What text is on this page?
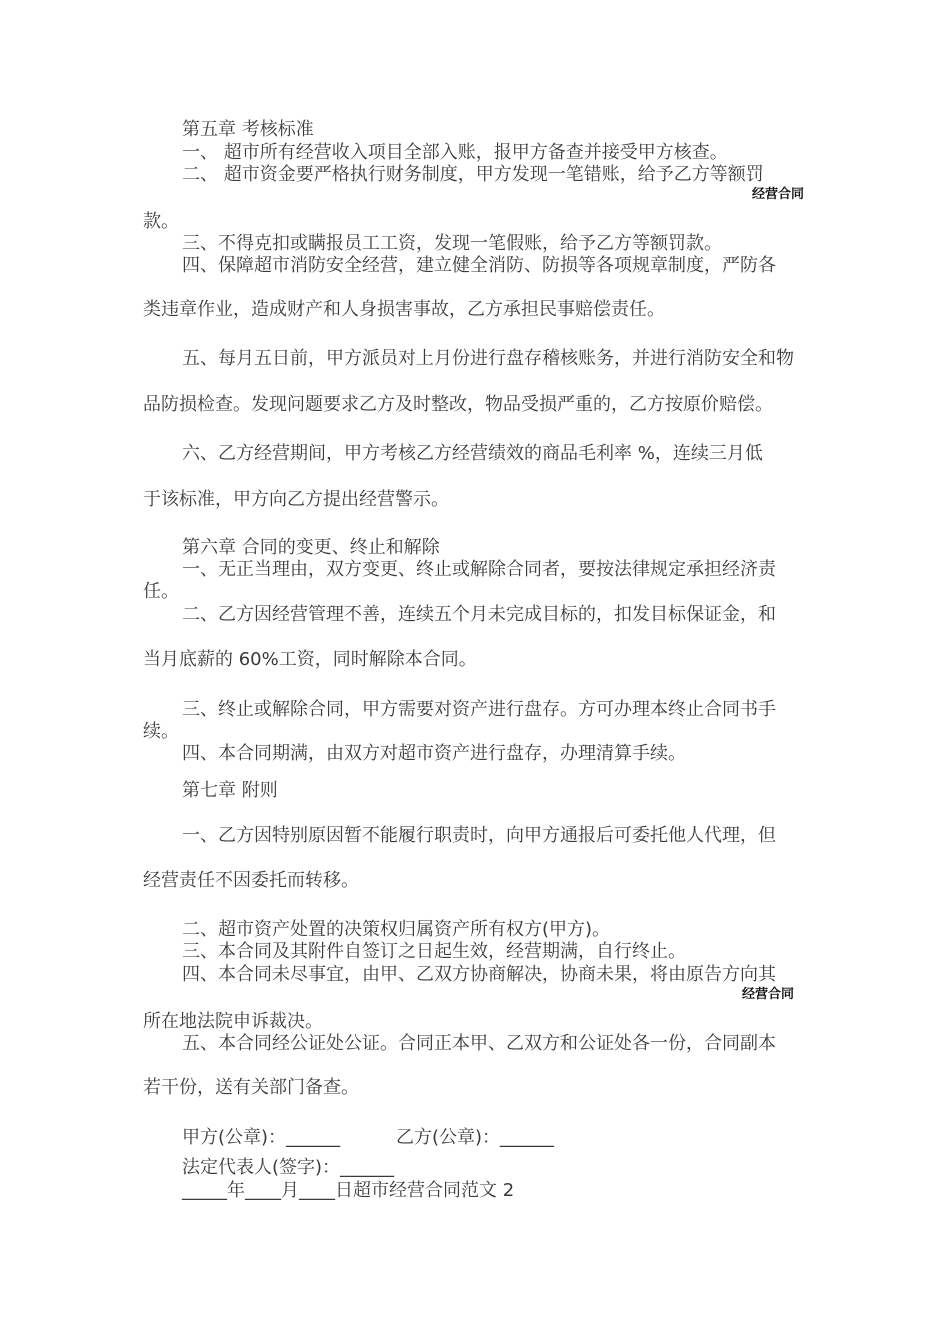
第五章 考核标准
一、 超市所有经营收入项目全部入账，报甲方备查并接受甲方核查。
二、 超市资金要严格执行财务制度，甲方发现一笔错账，给予乙方等额罚
经营合同
款。
三、不得克扣或瞒报员工工资，发现一笔假账，给予乙方等额罚款。
四、保障超市消防安全经营，建立健全消防、防损等各项规章制度，严防各
类违章作业，造成财产和人身损害事故，乙方承担民事赔偿责任。
五、每月五日前，甲方派员对上月份进行盘存稽核账务，并进行消防安全和物
品防损检查。发现问题要求乙方及时整改，物品受损严重的，乙方按原价赔偿。
六、乙方经营期间，甲方考核乙方经营绩效的商品毛利率 %，连续三月低
于该标准，甲方向乙方提出经营警示。
第六章 合同的变更、终止和解除
一、无正当理由，双方变更、终止或解除合同者，要按法律规定承担经济责
任。
二、乙方因经营管理不善，连续五个月未完成目标的，扣发目标保证金，和
当月底薪的 60%工资，同时解除本合同。
三、终止或解除合同，甲方需要对资产进行盘存。方可办理本终止合同书手
续。
四、本合同期满，由双方对超市资产进行盘存，办理清算手续。
第七章 附则
一、乙方因特别原因暂不能履行职责时，向甲方通报后可委托他人代理，但
经营责任不因委托而转移。
二、超市资产处置的决策权归属资产所有权方(甲方)。
三、本合同及其附件自签订之日起生效，经营期满，自行终止。
四、本合同未尽事宜，由甲、乙双方协商解决，协商未果，将由原告方向其
经营合同
所在地法院申诉裁决。
五、本合同经公证处公证。合同正本甲、乙双方和公证处各一份，合同副本
若干份，送有关部门备查。
甲方(公章)：______	乙方(公章)：______
法定代表人(签字)：______
_____年____月____日超市经营合同范文 2
